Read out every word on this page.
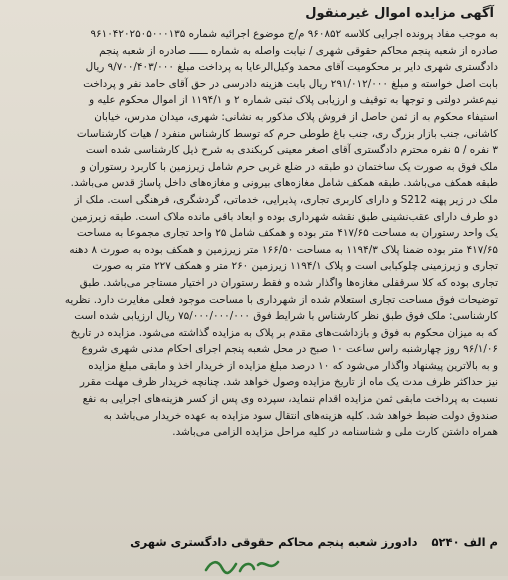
آگهی مزایده اموال غیرمنقول
به موجب مفاد پرونده اجرایی کلاسه ۹۶۰۸۵۲ م/ج موضوع اجرائیه شماره ۹۶۱۰۴۲۰۲۵۰۵۰۰۰۱۳۵
صادره از شعبه پنجم محاکم حقوقی شهری / نیابت واصله به شماره ــــــ صادره از شعبه پنجم
دادگستری شهری دایر بر محکومیت آقای محمد وکیل‌الرعایا به پرداخت مبلغ ۹/۷۰۰/۴۰۳/۰۰۰ ریال
بابت اصل خواسته و مبلغ ۲۹۱/۰۱۲/۰۰۰ ریال بابت هزینه دادرسی در حق آقای حامد نفر و پرداخت
نیم‌عشر دولتی و توجها به توقیف و ارزیابی پلاک ثبتی شماره ۲ و ۱۱۹۴/۱ از اموال محکوم علیه و
استیفاء محکوم به از ثمن حاصل از فروش پلاک مذکور به نشانی: شهری، میدان مدرس، خیابان
کاشانی، جنب بازار بزرگ ری، جنب باغ طوطی حرم که توسط کارشناس منفرد / هیات کارشناسات
۳ نفره / ۵ نفره محترم دادگستری آقای اصغر معینی کربکندی به شرح ذیل کارشناسی شده است
ملک فوق به صورت یک ساختمان دو طبقه در ضلع غربی حرم شامل زیرزمین با کاربرد رستوران و
طبقه همکف می‌باشد. طبقه همکف شامل مغازه‌های بیرونی و مغازه‌های داخل پاساژ قدس می‌باشد.
ملک در زیر پهنه S212 و دارای کاربری تجاری، پذیرایی، خدماتی، گردشگری، فرهنگی است. ملک از
دو طرف دارای عقب‌نشینی طبق نقشه شهرداری بوده و ابعاد باقی مانده ملاک است. طبقه زیرزمین
یک واحد رستوران به مساحت ۴۱۷/۶۵ متر بوده و همکف شامل ۲۵ واحد تجاری مجموعا به مساحت
۴۱۷/۶۵ متر بوده ضمنا پلاک ۱۱۹۴/۳ به مساحت ۱۶۶/۵۰ متر زیرزمین و همکف بوده به صورت ۸ دهنه
تجاری و زیرزمینی چلوکبابی است و پلاک ۱۱۹۴/۱ زیرزمین ۲۶۰ متر و همکف ۲۲۷ متر به صورت
تجاری بوده که کلا سرقفلی مغازه‌ها واگذار شده و فقط رستوران در اختیار مستاجر می‌باشد. طبق
توضیحات فوق مساحت تجاری استعلام شده از شهرداری با مساحت موجود فعلی مغایرت دارد. نظریه
کارشناسی: ملک فوق طبق نظر کارشناس با شرایط فوق ۷۵/۰۰۰/۰۰۰/۰۰۰ ریال ارزیابی شده است
که به میزان محکوم به فوق و بازداشت‌های مقدم بر پلاک به مزایده گذاشته می‌شود. مزایده در تاریخ
۹۶/۱/۰۶ روز چهارشنبه راس ساعت ۱۰ صبح در محل شعبه پنجم اجرای احکام مدنی شهری شروع
و به بالاترین پیشنهاد واگذار می‌شود که ۱۰ درصد مبلغ مزایده از خریدار اخذ و مابقی مبلغ مزایده
نیز حداکثر ظرف مدت یک ماه از تاریخ مزایده وصول خواهد شد. چنانچه خریدار ظرف مهلت مقرر
نسبت به پرداخت مابقی ثمن مزایده اقدام ننماید، سپرده وی پس از کسر هزینه‌های اجرایی به نفع
صندوق دولت ضبط خواهد شد. کلیه هزینه‌های انتقال سود مزایده به عهده خریدار می‌باشد به
همراه داشتن کارت ملی و شناسنامه در کلیه مراحل مزایده الزامی می‌باشد.
م الف ۵۲۴۰ دادورز شعبه پنجم محاکم حقوقی دادگستری شهری
